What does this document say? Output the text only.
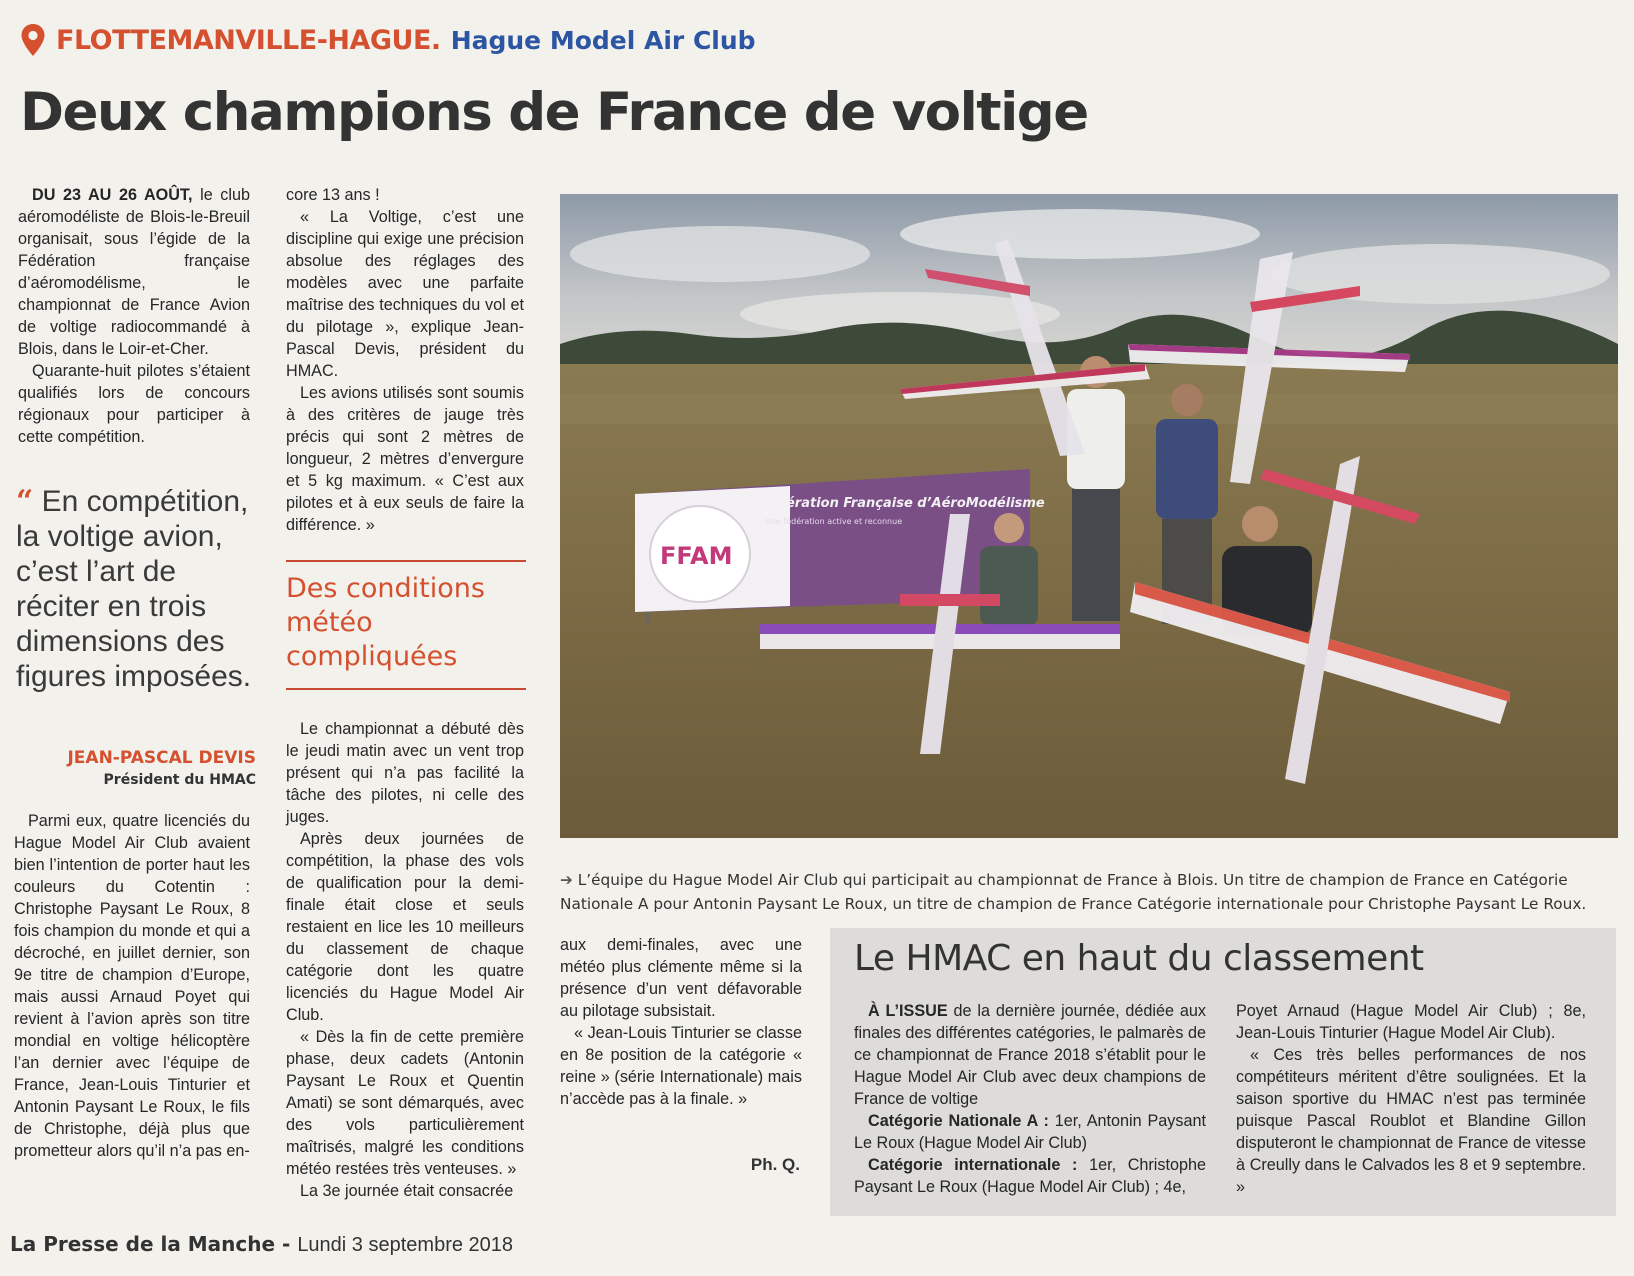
FLOTTEMANVILLE-HAGUE. Hague Model Air Club
Deux champions de France de voltige

DU 23 AU 26 AOÛT, le club aéromodéliste de Blois-le-Breuil organisait, sous l’égide de la Fédération française d’aéromodélisme, le championnat de France Avion de voltige radiocommandé à Blois, dans le Loir-et-Cher.

Quarante-huit pilotes s’étaient qualifiés lors de concours régionaux pour participer à cette compétition.

“ En compétition, la voltige avion, c’est l’art de réciter en trois dimensions des figures imposées.
JEAN-PASCAL DEVIS
Président du HMAC

Parmi eux, quatre licenciés du Hague Model Air Club avaient bien l’intention de porter haut les couleurs du Cotentin : Christophe Paysant Le Roux, 8 fois champion du monde et qui a décroché, en juillet dernier, son 9e titre de champion d’Europe, mais aussi Arnaud Poyet qui revient à l’avion après son titre mondial en voltige hélicoptère l’an dernier avec l’équipe de France, Jean-Louis Tinturier et Antonin Paysant Le Roux, le fils de Christophe, déjà plus que prometteur alors qu’il n’a pas en-

core 13 ans !

« La Voltige, c’est une discipline qui exige une précision absolue des réglages des modèles avec une parfaite maîtrise des techniques du vol et du pilotage », explique Jean-Pascal Devis, président du HMAC.

Les avions utilisés sont soumis à des critères de jauge très précis qui sont 2 mètres de longueur, 2 mètres d’envergure et 5 kg maximum. « C’est aux pilotes et à eux seuls de faire la différence. »

Des conditions météo compliquées

Le championnat a débuté dès le jeudi matin avec un vent trop présent qui n’a pas facilité la tâche des pilotes, ni celle des juges.

Après deux journées de compétition, la phase des vols de qualification pour la demi-finale était close et seuls restaient en lice les 10 meilleurs du classement de chaque catégorie dont les quatre licenciés du Hague Model Air Club.

« Dès la fin de cette première phase, deux cadets (Antonin Paysant Le Roux et Quentin Amati) se sont démarqués, avec des vols particulièrement maîtrisés, malgré les conditions météo restées très venteuses. »

La 3e journée était consacrée

FFAM
Fédération Française d’AéroModélisme
Une fédération active et reconnue
➔ L’équipe du Hague Model Air Club qui participait au championnat de France à Blois. Un titre de champion de France en Catégorie Nationale A pour Antonin Paysant Le Roux, un titre de champion de France Catégorie internationale pour Christophe Paysant Le Roux.

aux demi-finales, avec une météo plus clémente même si la présence d’un vent défavorable au pilotage subsistait.

« Jean-Louis Tinturier se classe en 8e position de la catégorie « reine » (série Internationale) mais n’accède pas à la finale. »

Ph. Q.
Le HMAC en haut du classement

À L’ISSUE de la dernière journée, dédiée aux finales des différentes catégories, le palmarès de ce championnat de France 2018 s’établit pour le Hague Model Air Club avec deux champions de France de voltige

Catégorie Nationale A : 1er, Antonin Paysant Le Roux (Hague Model Air Club)

Catégorie internationale : 1er, Christophe Paysant Le Roux (Hague Model Air Club) ; 4e,

Poyet Arnaud (Hague Model Air Club) ; 8e, Jean-Louis Tinturier (Hague Model Air Club).

« Ces très belles performances de nos compétiteurs méritent d’être soulignées. Et la saison sportive du HMAC n’est pas terminée puisque Pascal Roublot et Blandine Gillon disputeront le championnat de France de vitesse à Creully dans le Calvados les 8 et 9 septembre. »

La Presse de la Manche - Lundi 3 septembre 2018
